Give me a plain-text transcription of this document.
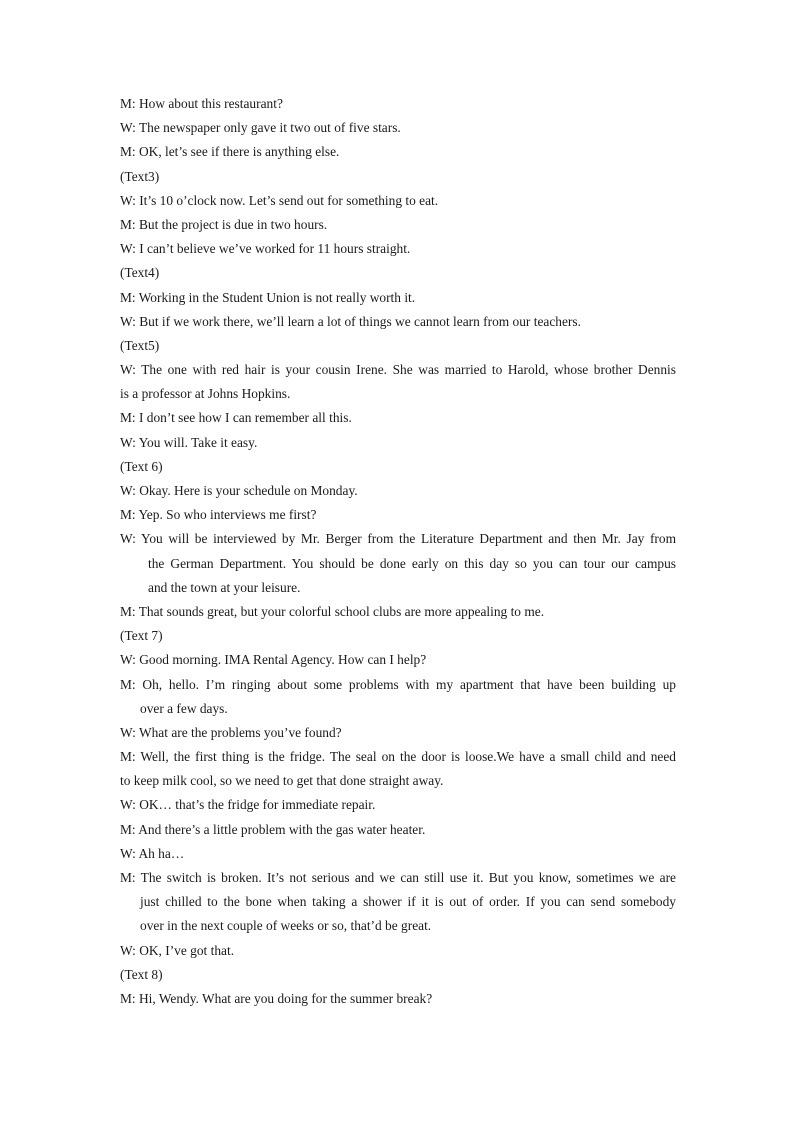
M: How about this restaurant?
W: The newspaper only gave it two out of five stars.
M: OK, let’s see if there is anything else.
(Text3)
W: It’s 10 o’clock now. Let’s send out for something to eat.
M: But the project is due in two hours.
W: I can’t believe we’ve worked for 11 hours straight.
(Text4)
M: Working in the Student Union is not really worth it.
W: But if we work there, we’ll learn a lot of things we cannot learn from our teachers.
(Text5)
W: The one with red hair is your cousin Irene. She was married to Harold, whose brother Dennis
is a professor at Johns Hopkins.
M: I don’t see how I can remember all this.
W: You will. Take it easy.
(Text 6)
W: Okay. Here is your schedule on Monday.
M: Yep. So who interviews me first?
W: You will be interviewed by Mr. Berger from the Literature Department and then Mr. Jay from
the German Department. You should be done early on this day so you can tour our campus
and the town at your leisure.
M: That sounds great, but your colorful school clubs are more appealing to me.
(Text 7)
W: Good morning. IMA Rental Agency. How can I help?
M: Oh, hello. I’m ringing about some problems with my apartment that have been building up
over a few days.
W: What are the problems you’ve found?
M: Well, the first thing is the fridge. The seal on the door is loose.We have a small child and need
to keep milk cool, so we need to get that done straight away.
W: OK… that’s the fridge for immediate repair.
M: And there’s a little problem with the gas water heater.
W: Ah ha…
M: The switch is broken. It’s not serious and we can still use it. But you know, sometimes we are
just chilled to the bone when taking a shower if it is out of order. If you can send somebody
over in the next couple of weeks or so, that’d be great.
W: OK, I’ve got that.
(Text 8)
M: Hi, Wendy. What are you doing for the summer break?
